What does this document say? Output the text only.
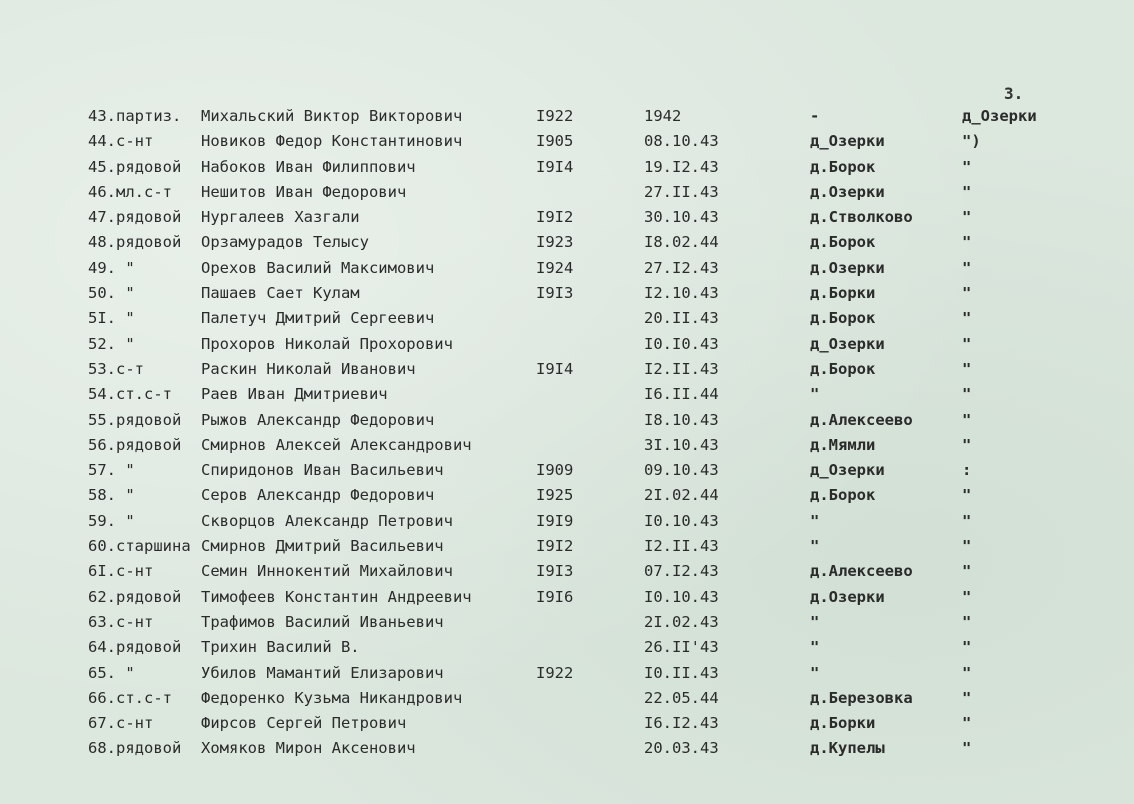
3.
43.партиз. Михальский Виктор Викторович	I922	1942	-	д_Озерки
44.с-нт	Новиков Федор Константинович	I905	08.10.43	д_Озерки	")
45.рядовой Набоков Иван Филиппович	I9I4	19.I2.43	д.Борок	"
46.мл.с-т Нешитов Иван Федорович	27.II.43	д.Озерки	"
47.рядовой Нургалеев Хазгали	I9I2	30.10.43	д.Стволково	"
48.рядовой Орзамурадов Телысу	I923	I8.02.44	д.Борок	"
49. "	Орехов Василий Максимович	I924	27.I2.43	д.Озерки	"
50. "	Пашаев Сает Кулам	I9I3	I2.10.43	д.Борки	"
5I. "	Палетуч Дмитрий Сергеевич	20.II.43	д.Борок	"
52. "	Прохоров Николай Прохорович	I0.I0.43	д_Озерки	"
53.с-т	Раскин Николай Иванович	I9I4	I2.II.43	д.Борок	"
54.ст.с-т Раев Иван Дмитриевич	I6.II.44	"	"
55.рядовой Рыжов Александр Федорович	I8.10.43	д.Алексеево	"
56.рядовой Смирнов Алексей Александрович	3I.10.43	д.Мямли	"
57. "	Спиридонов Иван Васильевич	I909	09.10.43	д_Озерки	:
58. "	Серов Александр Федорович	I925	2I.02.44	д.Борок	"
59. "	Скворцов Александр Петрович	I9I9	I0.10.43	"	"
60.старшина Смирнов Дмитрий Васильевич	I9I2	I2.II.43	"	"
6I.с-нт	Семин Иннокентий Михайлович	I9I3	07.I2.43	д.Алексеево	"
62.рядовой Тимофеев Константин Андреевич	I9I6	I0.10.43	д.Озерки	"
63.с-нт	Трафимов Василий Иваньевич	2I.02.43	"	"
64.рядовой Трихин Василий В.	26.II'43	"	"
65. "	Убилов Мамантий Елизарович	I922	I0.II.43	"	"
66.ст.с-т Федоренко Кузьма Никандрович	22.05.44	д.Березовка	"
67.с-нт	Фирсов Сергей Петрович	I6.I2.43	д.Борки	"
68.рядовой Хомяков Мирон Аксенович	20.03.43	д.Купелы	"
